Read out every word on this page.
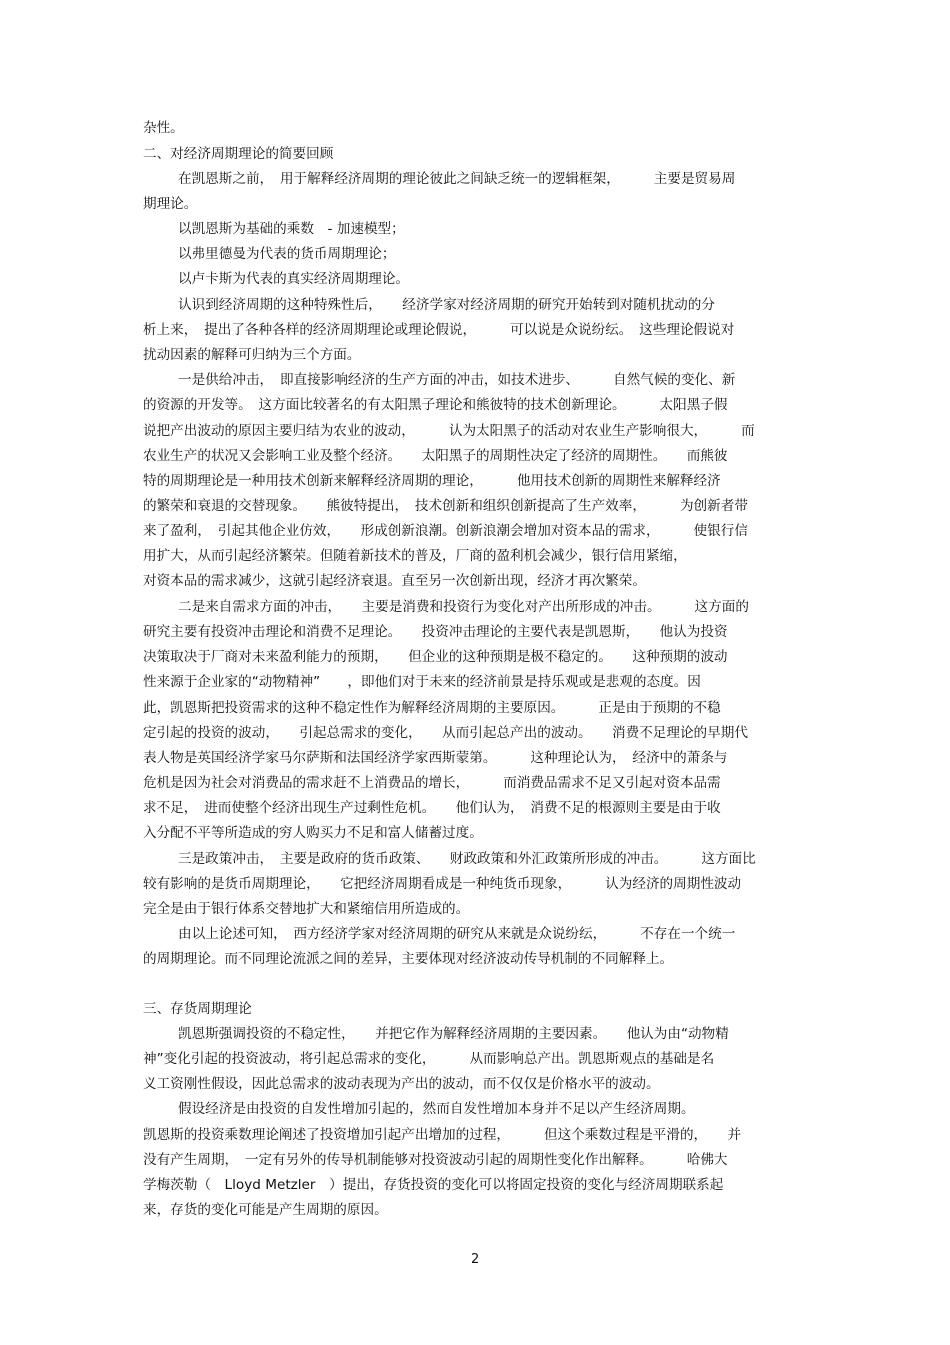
杂性。
二、对经济周期理论的简要回顾
在凯恩斯之前，　用于解释经济周期的理论彼此之间缺乏统一的逻辑框架，　　　主要是贸易周
期理论。
以凯恩斯为基础的乘数　- 加速模型；
以弗里德曼为代表的货币周期理论；
以卢卡斯为代表的真实经济周期理论。
认识到经济周期的这种特殊性后，　　经济学家对经济周期的研究开始转到对随机扰动的分
析上来，　提出了各种各样的经济周期理论或理论假说，　　　可以说是众说纷纭。　这些理论假说对
扰动因素的解释可归纳为三个方面。
一是供给冲击，　即直接影响经济的生产方面的冲击，如技术进步、　　　自然气候的变化、新
的资源的开发等。　这方面比较著名的有太阳黑子理论和熊彼特的技术创新理论。　　　太阳黑子假
说把产出波动的原因主要归结为农业的波动，　　　认为太阳黑子的活动对农业生产影响很大，　　　而
农业生产的状况又会影响工业及整个经济。　　太阳黑子的周期性决定了经济的周期性。　　而熊彼
特的周期理论是一种用技术创新来解释经济周期的理论，　　　他用技术创新的周期性来解释经济
的繁荣和衰退的交替现象。　　熊彼特提出，　技术创新和组织创新提高了生产效率，　　　为创新者带
来了盈利，　引起其他企业仿效，　　形成创新浪潮。创新浪潮会增加对资本品的需求，　　　使银行信
用扩大，从而引起经济繁荣。但随着新技术的普及，厂商的盈利机会减少，银行信用紧缩，
对资本品的需求减少，这就引起经济衰退。直至另一次创新出现，经济才再次繁荣。
二是来自需求方面的冲击，　　主要是消费和投资行为变化对产出所形成的冲击。　　　这方面的
研究主要有投资冲击理论和消费不足理论。　　投资冲击理论的主要代表是凯恩斯，　　他认为投资
决策取决于厂商对未来盈利能力的预期，　　但企业的这种预期是极不稳定的。　　这种预期的波动
性来源于企业家的“动物精神”　　，即他们对于未来的经济前景是持乐观或是悲观的态度。因
此，凯恩斯把投资需求的这种不稳定性作为解释经济周期的主要原因。　　　正是由于预期的不稳
定引起的投资的波动，　　引起总需求的变化，　　从而引起总产出的波动。　　消费不足理论的早期代
表人物是英国经济学家马尔萨斯和法国经济学家西斯蒙第。　　　这种理论认为，　经济中的萧条与
危机是因为社会对消费品的需求赶不上消费品的增长，　　　而消费品需求不足又引起对资本品需
求不足，　进而使整个经济出现生产过剩性危机。　　他们认为，　消费不足的根源则主要是由于收
入分配不平等所造成的穷人购买力不足和富人储蓄过度。
三是政策冲击，　主要是政府的货币政策、　　财政政策和外汇政策所形成的冲击。　　　这方面比
较有影响的是货币周期理论，　　它把经济周期看成是一种纯货币现象，　　　认为经济的周期性波动
完全是由于银行体系交替地扩大和紧缩信用所造成的。
由以上论述可知，　西方经济学家对经济周期的研究从来就是众说纷纭，　　　不存在一个统一
的周期理论。而不同理论流派之间的差异，主要体现对经济波动传导机制的不同解释上。
三、存货周期理论
凯恩斯强调投资的不稳定性，　　并把它作为解释经济周期的主要因素。　　他认为由“动物精
神”变化引起的投资波动，将引起总需求的变化，　　　从而影响总产出。凯恩斯观点的基础是名
义工资刚性假设，因此总需求的波动表现为产出的波动，而不仅仅是价格水平的波动。
假设经济是由投资的自发性增加引起的，然而自发性增加本身并不足以产生经济周期。
凯恩斯的投资乘数理论阐述了投资增加引起产出增加的过程，　　　但这个乘数过程是平滑的，　　并
没有产生周期，　一定有另外的传导机制能够对投资波动引起的周期性变化作出解释。　　　哈佛大
学梅茨勒（　Lloyd Metzler　）提出，存货投资的变化可以将固定投资的变化与经济周期联系起
来，存货的变化可能是产生周期的原因。
2
